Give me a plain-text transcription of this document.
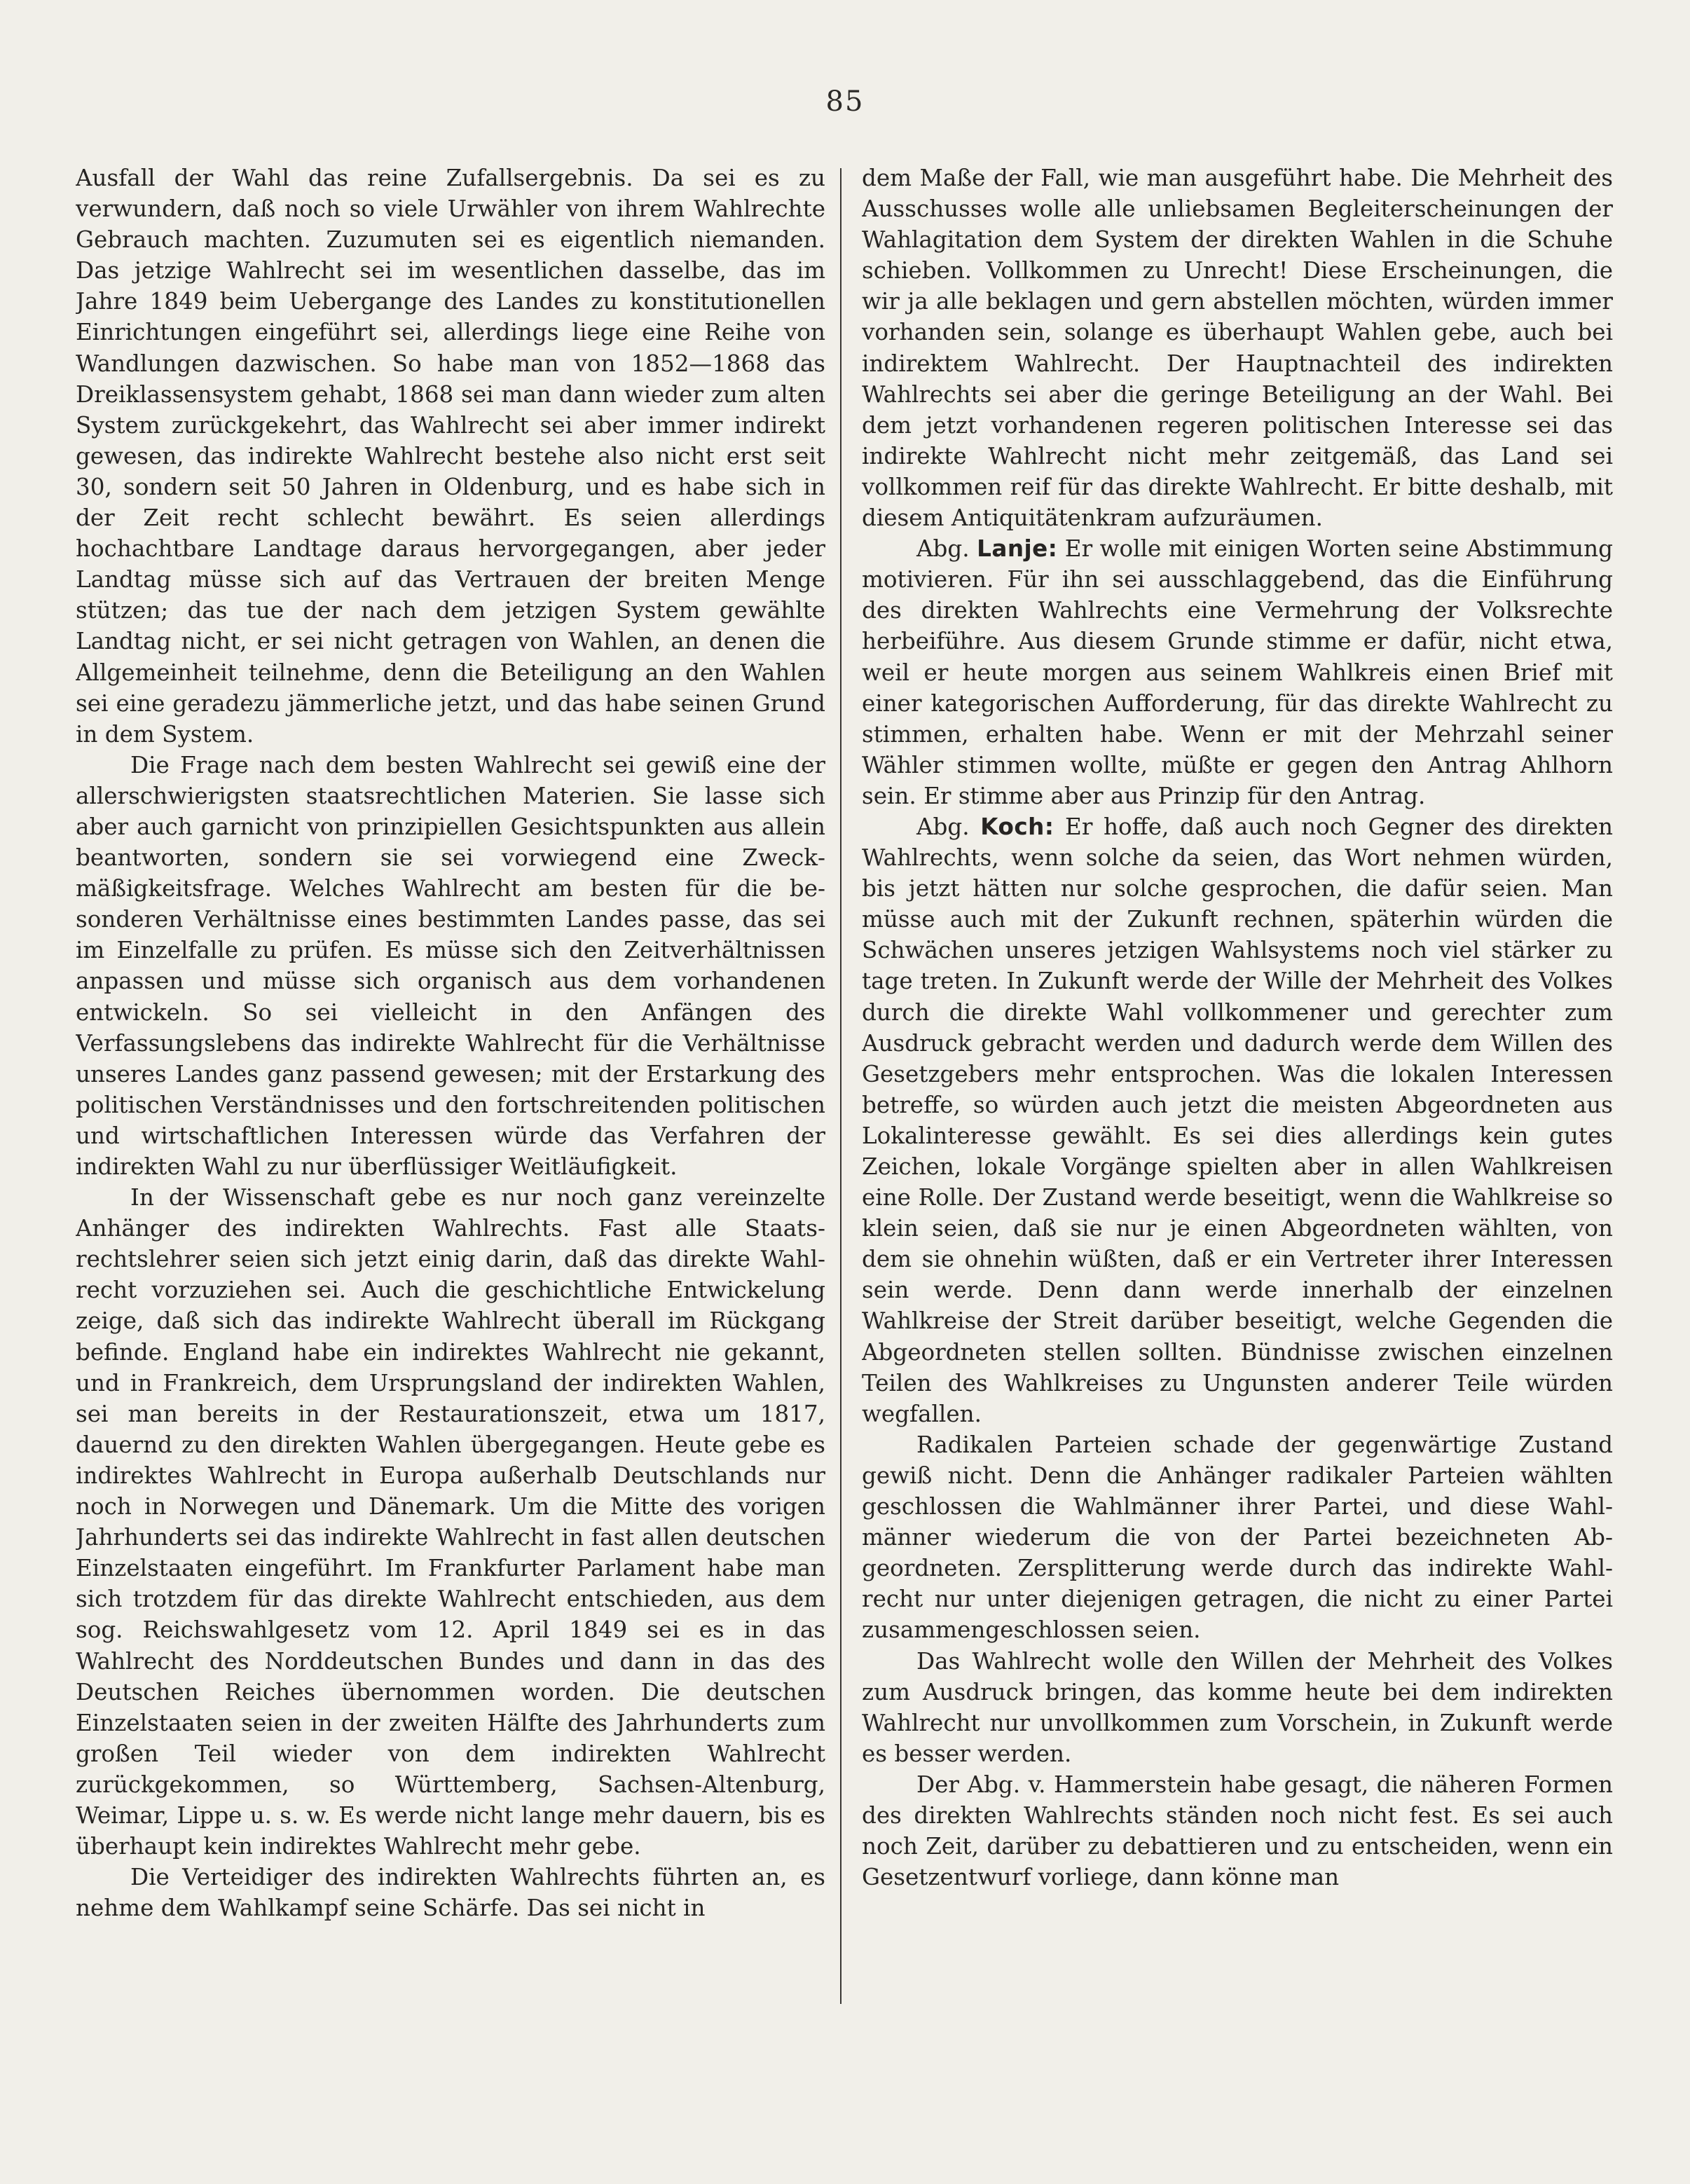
85

Ausfall der Wahl das reine Zufallsergebnis. Da sei es zu verwundern, daß noch so viele Urwähler von ihrem Wahlrechte Gebrauch machten. Zuzumuten sei es eigentlich niemanden. Das jetzige Wahlrecht sei im wesentlichen dasselbe, das im Jahre 1849 beim Uebergange des Landes zu konstitutionellen Einrichtungen eingeführt sei, allerdings liege eine Reihe von Wandlungen dazwischen. So habe man von 1852—1868 das Dreiklassensystem gehabt, 1868 sei man dann wieder zum alten System zurückgekehrt, das Wahlrecht sei aber immer indirekt gewesen, das indirekte Wahlrecht bestehe also nicht erst seit 30, sondern seit 50 Jahren in Oldenburg, und es habe sich in der Zeit recht schlecht bewährt. Es seien allerdings hochachtbare Landtage daraus hervorgegangen, aber jeder Landtag müsse sich auf das Vertrauen der breiten Menge stützen; das tue der nach dem jetzigen System gewählte Landtag nicht, er sei nicht getragen von Wahlen, an denen die Allgemeinheit teilnehme, denn die Beteiligung an den Wahlen sei eine geradezu jämmerliche jetzt, und das habe seinen Grund in dem System.

Die Frage nach dem besten Wahlrecht sei gewiß eine der allerschwierigsten staatsrechtlichen Materien. Sie lasse sich aber auch garnicht von prinzipiellen Gesichtspunkten aus allein beantworten, sondern sie sei vorwiegend eine Zweckmäßigkeitsfrage. Welches Wahlrecht am besten für die besonderen Verhältnisse eines bestimmten Landes passe, das sei im Einzelfalle zu prüfen. Es müsse sich den Zeitverhältnissen anpassen und müsse sich organisch aus dem vorhandenen entwickeln. So sei vielleicht in den Anfängen des Verfassungslebens das indirekte Wahlrecht für die Verhältnisse unseres Landes ganz passend gewesen; mit der Erstarkung des politischen Verständnisses und den fortschreitenden politischen und wirtschaftlichen Interessen würde das Verfahren der indirekten Wahl zu nur überflüssiger Weitläufigkeit.

In der Wissenschaft gebe es nur noch ganz vereinzelte Anhänger des indirekten Wahlrechts. Fast alle Staatsrechtslehrer seien sich jetzt einig darin, daß das direkte Wahlrecht vorzuziehen sei. Auch die geschichtliche Entwickelung zeige, daß sich das indirekte Wahlrecht überall im Rückgang befinde. England habe ein indirektes Wahlrecht nie gekannt, und in Frankreich, dem Ursprungsland der indirekten Wahlen, sei man bereits in der Restaurationszeit, etwa um 1817, dauernd zu den direkten Wahlen übergegangen. Heute gebe es indirektes Wahlrecht in Europa außerhalb Deutschlands nur noch in Norwegen und Dänemark. Um die Mitte des vorigen Jahrhunderts sei das indirekte Wahlrecht in fast allen deutschen Einzelstaaten eingeführt. Im Frankfurter Parlament habe man sich trotzdem für das direkte Wahlrecht entschieden, aus dem sog. Reichswahlgesetz vom 12. April 1849 sei es in das Wahlrecht des Norddeutschen Bundes und dann in das des Deutschen Reiches übernommen worden. Die deutschen Einzelstaaten seien in der zweiten Hälfte des Jahrhunderts zum großen Teil wieder von dem indirekten Wahlrecht zurückgekommen, so Württemberg, Sachsen-Altenburg, Weimar, Lippe u. s. w. Es werde nicht lange mehr dauern, bis es überhaupt kein indirektes Wahlrecht mehr gebe.

Die Verteidiger des indirekten Wahlrechts führten an, es nehme dem Wahlkampf seine Schärfe. Das sei nicht in

dem Maße der Fall, wie man ausgeführt habe. Die Mehrheit des Ausschusses wolle alle unliebsamen Begleiterscheinungen der Wahlagitation dem System der direkten Wahlen in die Schuhe schieben. Vollkommen zu Unrecht! Diese Erscheinungen, die wir ja alle beklagen und gern abstellen möchten, würden immer vorhanden sein, solange es überhaupt Wahlen gebe, auch bei indirektem Wahlrecht. Der Hauptnachteil des indirekten Wahlrechts sei aber die geringe Beteiligung an der Wahl. Bei dem jetzt vorhandenen regeren politischen Interesse sei das indirekte Wahlrecht nicht mehr zeitgemäß, das Land sei vollkommen reif für das direkte Wahlrecht. Er bitte deshalb, mit diesem Antiquitätenkram aufzuräumen.

Abg. Lanje: Er wolle mit einigen Worten seine Abstimmung motivieren. Für ihn sei ausschlaggebend, das die Einführung des direkten Wahlrechts eine Vermehrung der Volksrechte herbeiführe. Aus diesem Grunde stimme er dafür, nicht etwa, weil er heute morgen aus seinem Wahlkreis einen Brief mit einer kategorischen Aufforderung, für das direkte Wahlrecht zu stimmen, erhalten habe. Wenn er mit der Mehrzahl seiner Wähler stimmen wollte, müßte er gegen den Antrag Ahlhorn sein. Er stimme aber aus Prinzip für den Antrag.

Abg. Koch: Er hoffe, daß auch noch Gegner des direkten Wahlrechts, wenn solche da seien, das Wort nehmen würden, bis jetzt hätten nur solche gesprochen, die dafür seien. Man müsse auch mit der Zukunft rechnen, späterhin würden die Schwächen unseres jetzigen Wahlsystems noch viel stärker zu tage treten. In Zukunft werde der Wille der Mehrheit des Volkes durch die direkte Wahl vollkommener und gerechter zum Ausdruck gebracht werden und dadurch werde dem Willen des Gesetzgebers mehr entsprochen. Was die lokalen Interessen betreffe, so würden auch jetzt die meisten Abgeordneten aus Lokalinteresse gewählt. Es sei dies allerdings kein gutes Zeichen, lokale Vorgänge spielten aber in allen Wahlkreisen eine Rolle. Der Zustand werde beseitigt, wenn die Wahlkreise so klein seien, daß sie nur je einen Abgeordneten wählten, von dem sie ohnehin wüßten, daß er ein Vertreter ihrer Interessen sein werde. Denn dann werde innerhalb der einzelnen Wahlkreise der Streit darüber beseitigt, welche Gegenden die Abgeordneten stellen sollten. Bündnisse zwischen einzelnen Teilen des Wahlkreises zu Ungunsten anderer Teile würden wegfallen.

Radikalen Parteien schade der gegenwärtige Zustand gewiß nicht. Denn die Anhänger radikaler Parteien wählten geschlossen die Wahlmänner ihrer Partei, und diese Wahlmänner wiederum die von der Partei bezeichneten Abgeordneten. Zersplitterung werde durch das indirekte Wahlrecht nur unter diejenigen getragen, die nicht zu einer Partei zusammengeschlossen seien.

Das Wahlrecht wolle den Willen der Mehrheit des Volkes zum Ausdruck bringen, das komme heute bei dem indirekten Wahlrecht nur unvollkommen zum Vorschein, in Zukunft werde es besser werden.

Der Abg. v. Hammerstein habe gesagt, die näheren Formen des direkten Wahlrechts ständen noch nicht fest. Es sei auch noch Zeit, darüber zu debattieren und zu entscheiden, wenn ein Gesetzentwurf vorliege, dann könne man
